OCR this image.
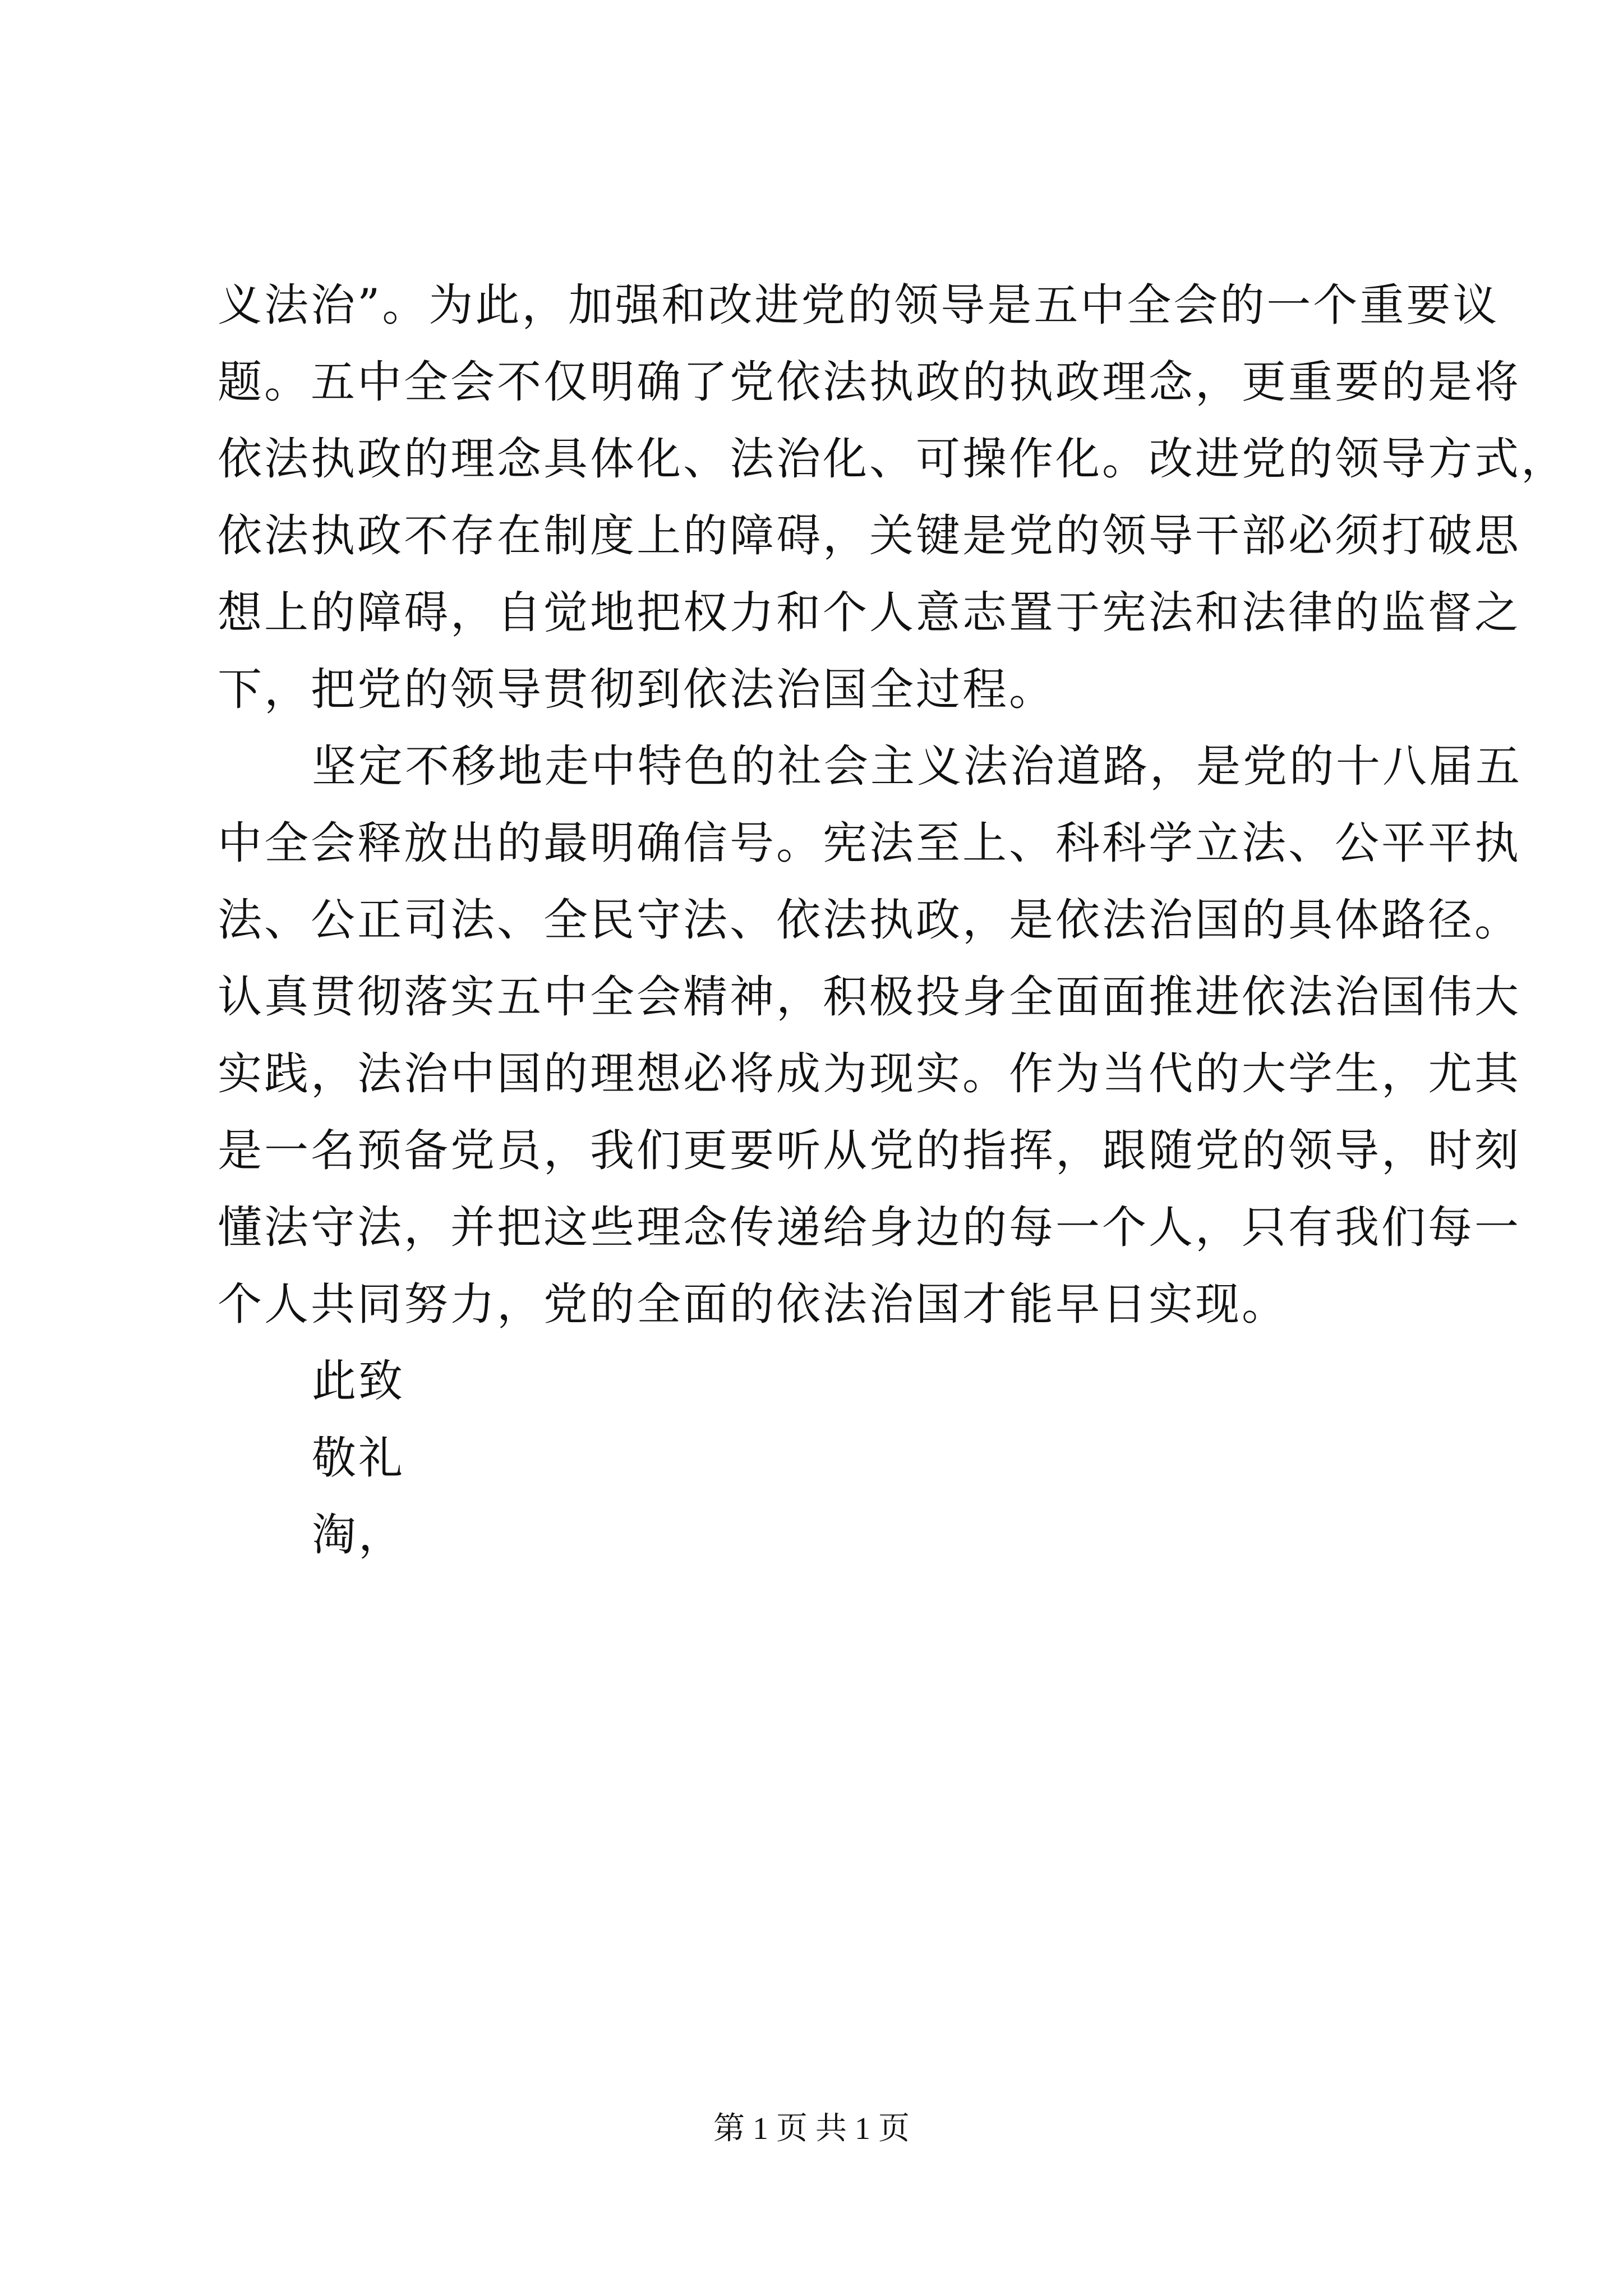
义法治”。为此，加强和改进党的领导是五中全会的一个重要议
题。五中全会不仅明确了党依法执政的执政理念，更重要的是将
依法执政的理念具体化、法治化、可操作化。改进党的领导方式，
依法执政不存在制度上的障碍，关键是党的领导干部必须打破思
想上的障碍，自觉地把权力和个人意志置于宪法和法律的监督之
下，把党的领导贯彻到依法治国全过程。
坚定不移地走中特色的社会主义法治道路，是党的十八届五
中全会释放出的最明确信号。宪法至上、科科学立法、公平平执
法、公正司法、全民守法、依法执政，是依法治国的具体路径。
认真贯彻落实五中全会精神，积极投身全面面推进依法治国伟大
实践，法治中国的理想必将成为现实。作为当代的大学生，尤其
是一名预备党员，我们更要听从党的指挥，跟随党的领导，时刻
懂法守法，并把这些理念传递给身边的每一个人，只有我们每一
个人共同努力，党的全面的依法治国才能早日实现。
此致
敬礼
淘，
第 1 页 共 1 页
